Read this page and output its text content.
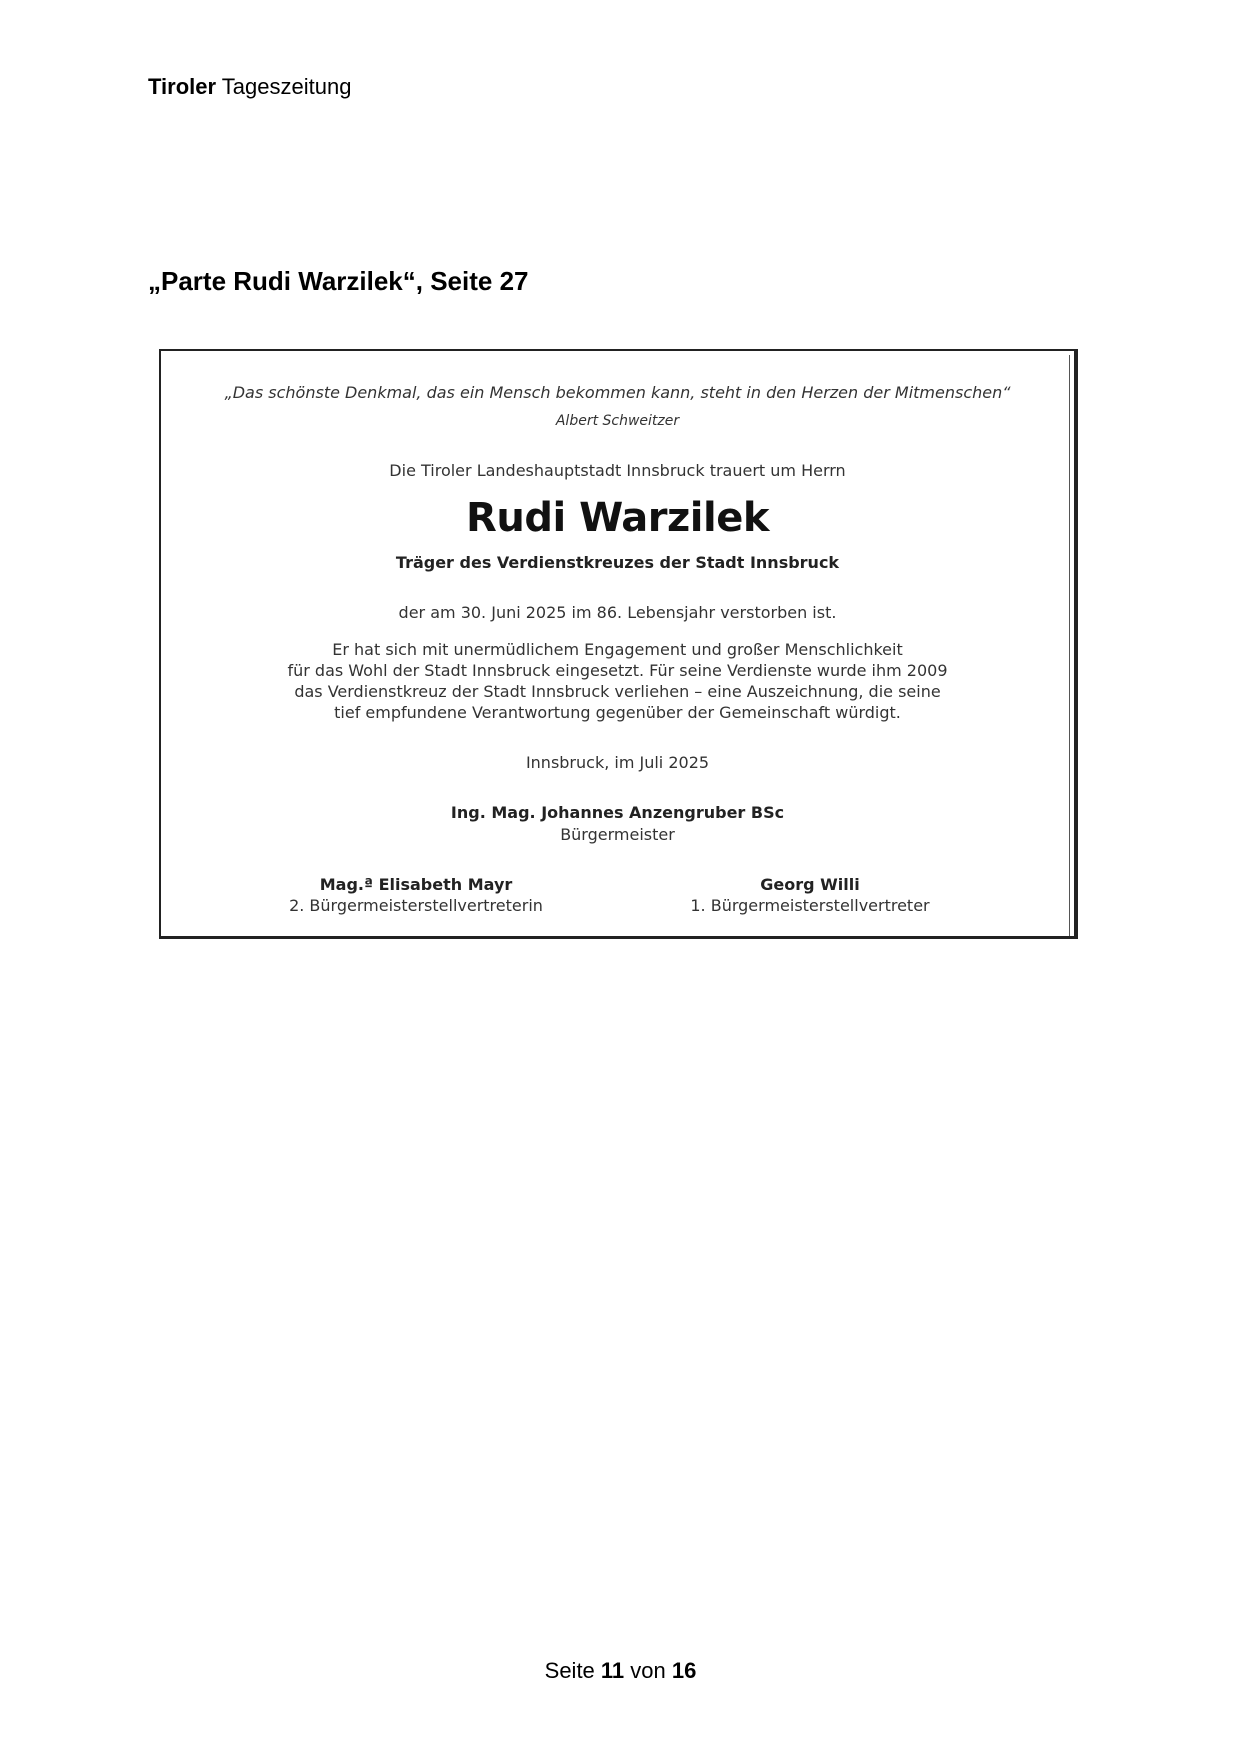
Tiroler Tageszeitung
„Parte Rudi Warzilek“, Seite 27
„Das schönste Denkmal, das ein Mensch bekommen kann, steht in den Herzen der Mitmenschen“
Albert Schweitzer
Die Tiroler Landeshauptstadt Innsbruck trauert um Herrn
Rudi Warzilek
Träger des Verdienstkreuzes der Stadt Innsbruck
der am 30. Juni 2025 im 86. Lebensjahr verstorben ist.
Er hat sich mit unermüdlichem Engagement und großer Menschlichkeit
für das Wohl der Stadt Innsbruck eingesetzt. Für seine Verdienste wurde ihm 2009
das Verdienstkreuz der Stadt Innsbruck verliehen – eine Auszeichnung, die seine
tief empfundene Verantwortung gegenüber der Gemeinschaft würdigt.
Innsbruck, im Juli 2025
Ing. Mag. Johannes Anzengruber BSc
Bürgermeister
Mag.ª Elisabeth Mayr
2. Bürgermeisterstellvertreterin
Georg Willi
1. Bürgermeisterstellvertreter
Seite 11 von 16
